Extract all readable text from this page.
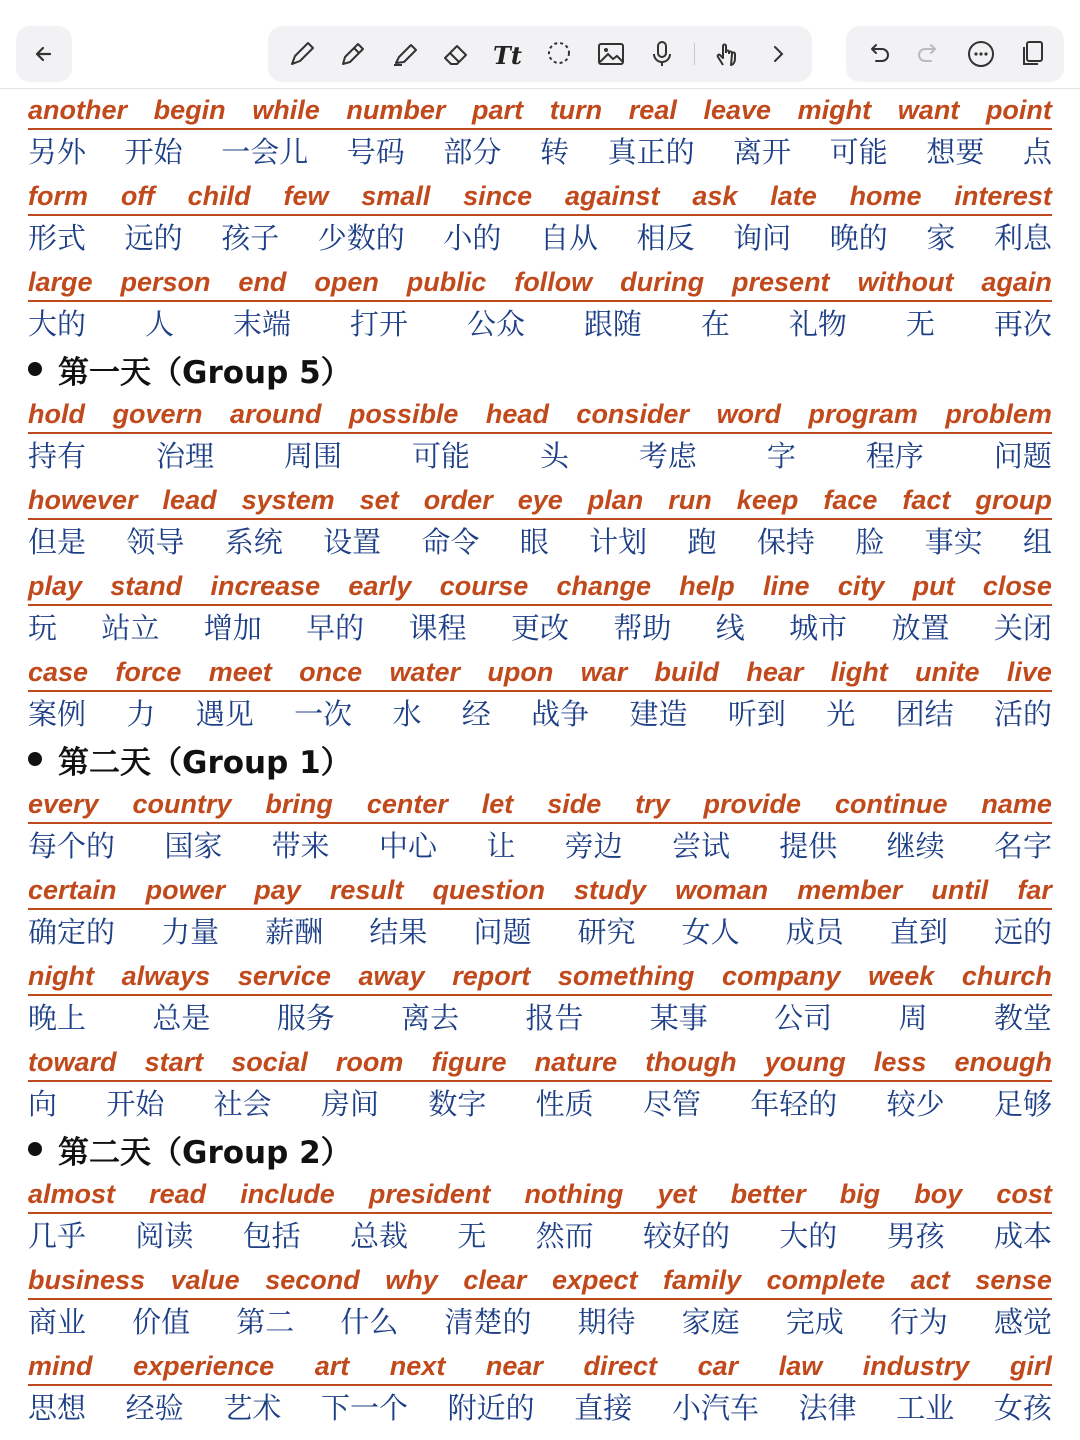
Tt
another begin while number part turn real leave might want point
另外 开始 一会儿 号码 部分 转 真正的 离开 可能 想要 点
form off child few small since against ask late home interest
形式 远的 孩子 少数的 小的 自从 相反 询问 晚的 家 利息
large person end open public follow during present without again
大的 人 末端 打开 公众 跟随 在 礼物 无 再次
第一天（Group 5）
hold govern around possible head consider word program problem
持有 治理 周围 可能 头 考虑 字 程序 问题
however lead system set order eye plan run keep face fact group
但是 领导 系统 设置 命令 眼 计划 跑 保持 脸 事实 组
play stand increase early course change help line city put close
玩 站立 增加 早的 课程 更改 帮助 线 城市 放置 关闭
case force meet once water upon war build hear light unite live
案例 力 遇见 一次 水 经 战争 建造 听到 光 团结 活的
第二天（Group 1）
every country bring center let side try provide continue name
每个的 国家 带来 中心 让 旁边 尝试 提供 继续 名字
certain power pay result question study woman member until far
确定的 力量 薪酬 结果 问题 研究 女人 成员 直到 远的
night always service away report something company week church
晚上 总是 服务 离去 报告 某事 公司 周 教堂
toward start social room figure nature though young less enough
向 开始 社会 房间 数字 性质 尽管 年轻的 较少 足够
第二天（Group 2）
almost read include president nothing yet better big boy cost
几乎 阅读 包括 总裁 无 然而 较好的 大的 男孩 成本
business value second why clear expect family complete act sense
商业 价值 第二 什么 清楚的 期待 家庭 完成 行为 感觉
mind experience art next near direct car law industry girl
思想 经验 艺术 下一个 附近的 直接 小汽车 法律 工业 女孩
